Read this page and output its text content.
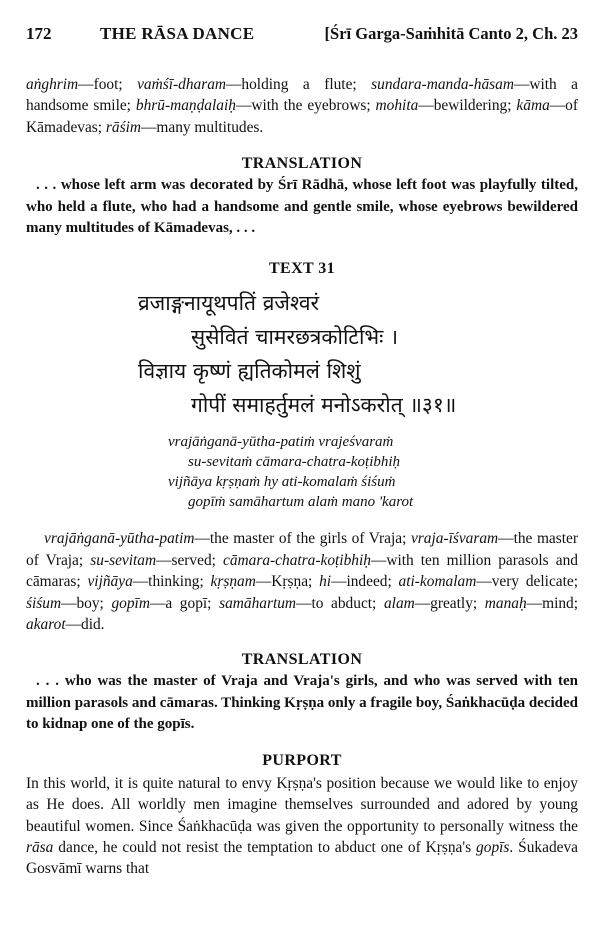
172	THE RĀSA DANCE	[Śrī Garga-Saṁhitā Canto 2, Ch. 23

aṅghrim—foot; vaṁśī-dharam—holding a flute; sundara-manda-hāsam—with a handsome smile; bhrū-maṇḍalaiḥ—with the eyebrows; mohita—bewildering; kāma—of Kāmadevas; rāśim—many multitudes.

TRANSLATION

. . . whose left arm was decorated by Śrī Rādhā, whose left foot was playfully tilted, who held a flute, who had a handsome and gentle smile, whose eyebrows bewildered many multitudes of Kāmadevas, . . .

TEXT 31

व्रजाङ्गनायूथपतिं व्रजेश्वरं
सुसेवितं चामरछत्रकोटिभिः ।
विज्ञाय कृष्णं ह्यतिकोमलं शिशुं
गोपीं समाहर्तुमलं मनोऽकरोत् ॥३१॥
vrajāṅganā-yūtha-patiṁ vrajeśvaraṁ
su-sevitaṁ cāmara-chatra-koṭibhiḥ
vijñāya kṛṣṇaṁ hy ati-komalaṁ śiśuṁ
gopīṁ samāhartum alaṁ mano 'karot

vrajāṅganā-yūtha-patim—the master of the girls of Vraja; vraja-īśvaram—the master of Vraja; su-sevitam—served; cāmara-chatra-koṭibhiḥ—with ten million parasols and cāmaras; vijñāya—thinking; kṛṣṇam—Kṛṣṇa; hi—indeed; ati-komalam—very delicate; śiśum—boy; gopīm—a gopī; samāhartum—to abduct; alam—greatly; manaḥ—mind; akarot—did.

TRANSLATION

. . . who was the master of Vraja and Vraja's girls, and who was served with ten million parasols and cāmaras. Thinking Kṛṣṇa only a fragile boy, Śaṅkhacūḍa decided to kidnap one of the gopīs.

PURPORT

In this world, it is quite natural to envy Kṛṣṇa's position because we would like to enjoy as He does. All worldly men imagine themselves surrounded and adored by young beautiful women. Since Śaṅkhacūḍa was given the opportunity to personally witness the rāsa dance, he could not resist the temptation to abduct one of Kṛṣṇa's gopīs. Śukadeva Gosvāmī warns that
